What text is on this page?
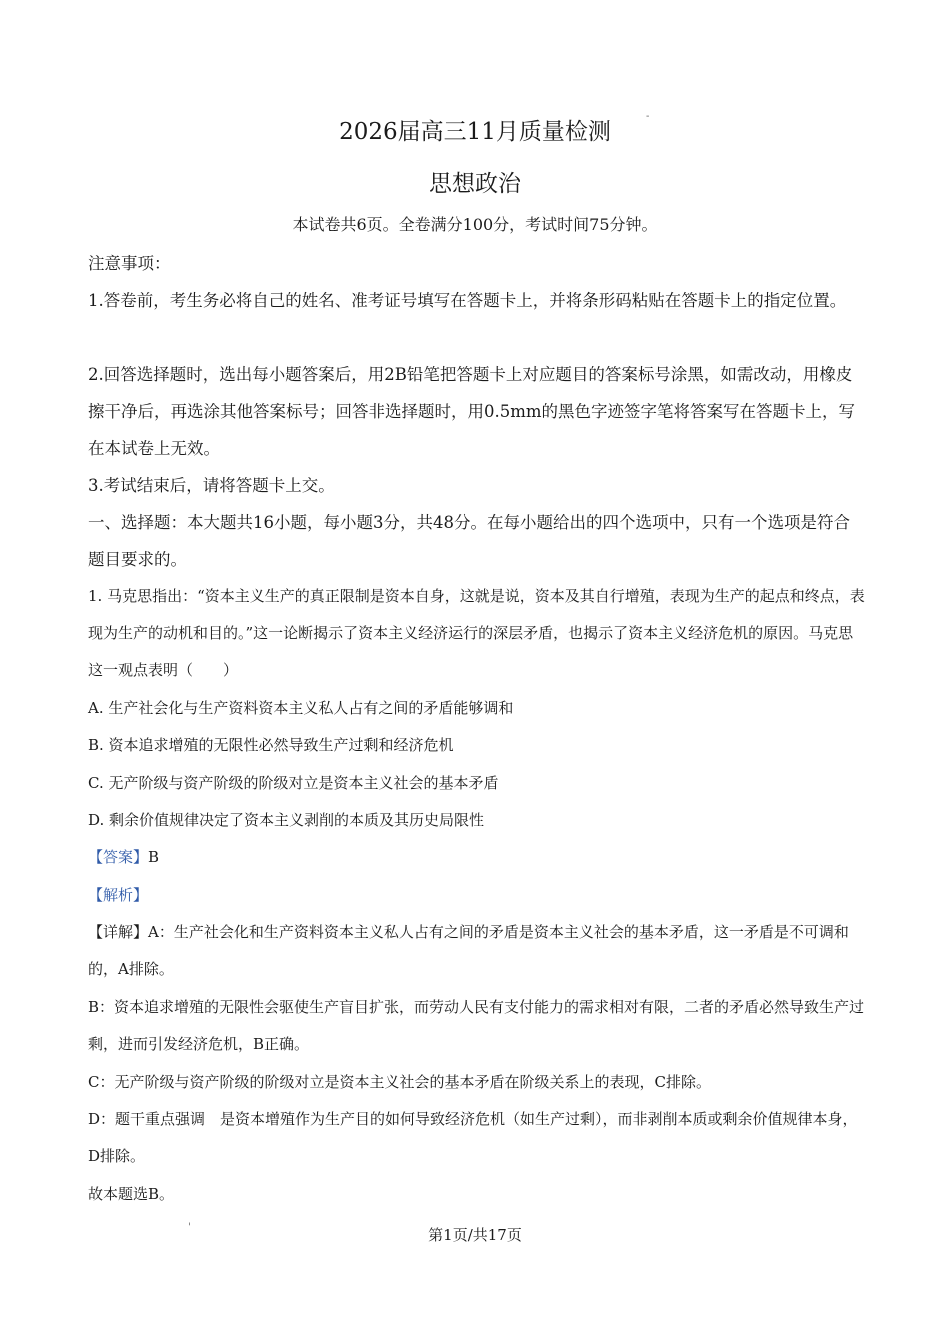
-
'
2026届高三11月质量检测
思想政治

本试卷共6页。全卷满分100分，考试时间75分钟。

注意事项：

1.答卷前，考生务必将自己的姓名、准考证号填写在答题卡上，并将条形码粘贴在答题卡上的指定位置。

2.回答选择题时，选出每小题答案后，用2B铅笔把答题卡上对应题目的答案标号涂黑，如需改动，用橡皮擦干净后，再选涂其他答案标号；回答非选择题时，用0.5mm的黑色字迹签字笔将答案写在答题卡上，写在本试卷上无效。

3.考试结束后，请将答题卡上交。

一、选择题：本大题共16小题，每小题3分，共48分。在每小题给出的四个选项中，只有一个选项是符合题目要求的。

1. 马克思指出：“资本主义生产的真正限制是资本自身，这就是说，资本及其自行增殖，表现为生产的起点和终点，表现为生产的动机和目的。”这一论断揭示了资本主义经济运行的深层矛盾，也揭示了资本主义经济危机的原因。马克思这一观点表明（　　）

A. 生产社会化与生产资料资本主义私人占有之间的矛盾能够调和

B. 资本追求增殖的无限性必然导致生产过剩和经济危机

C. 无产阶级与资产阶级的阶级对立是资本主义社会的基本矛盾

D. 剩余价值规律决定了资本主义剥削的本质及其历史局限性

【答案】B

【解析】

【详解】A：生产社会化和生产资料资本主义私人占有之间的矛盾是资本主义社会的基本矛盾，这一矛盾是不可调和的，A排除。

B：资本追求增殖的无限性会驱使生产盲目扩张，而劳动人民有支付能力的需求相对有限，二者的矛盾必然导致生产过剩，进而引发经济危机，B正确。

C：无产阶级与资产阶级的阶级对立是资本主义社会的基本矛盾在阶级关系上的表现，C排除。

D：题干重点强调　是资本增殖作为生产目的如何导致经济危机（如生产过剩），而非剥削本质或剩余价值规律本身，D排除。

故本题选B。

第1页/共17页
